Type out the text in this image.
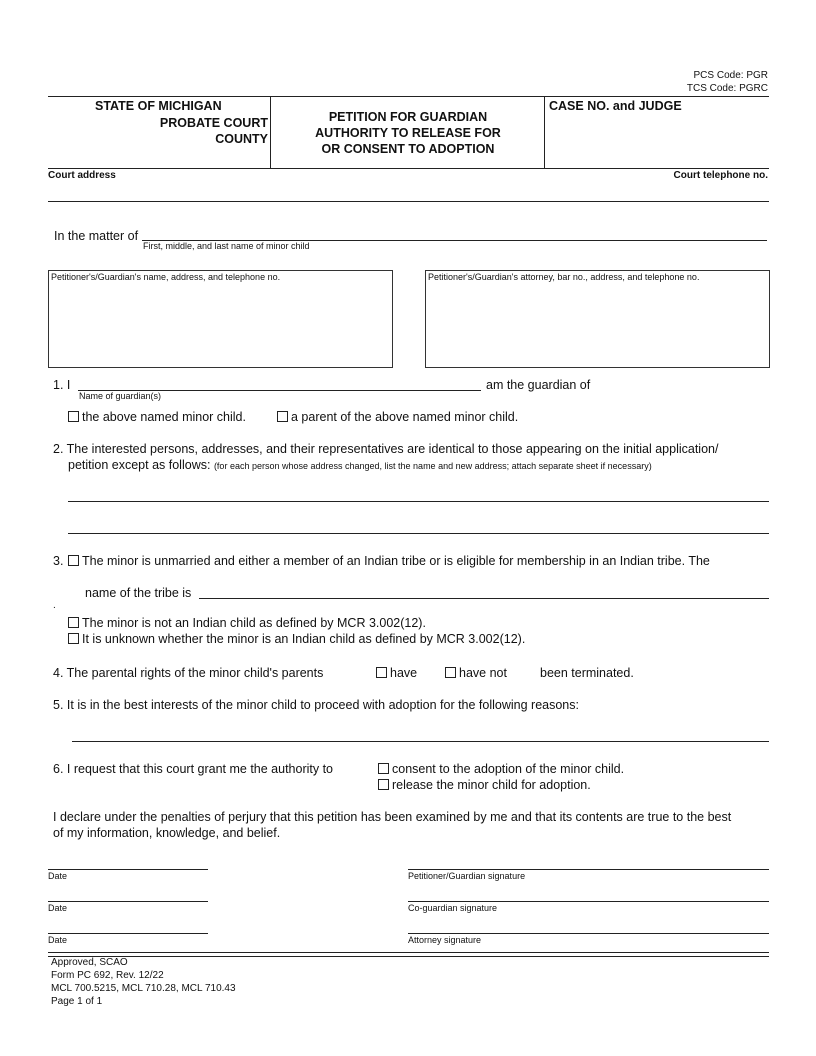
PCS Code: PGR
TCS Code: PGRC
STATE OF MICHIGAN
PROBATE COURT
COUNTY
PETITION FOR GUARDIAN
AUTHORITY TO RELEASE FOR
OR CONSENT TO ADOPTION
CASE NO. and JUDGE
Court address	Court telephone no.
In the matter of
First, middle, and last name of minor child
Petitioner's/Guardian's name, address, and telephone no.	Petitioner's/Guardian's attorney, bar no., address, and telephone no.
1. I	am the guardian of
Name of guardian(s)
the above named minor child.	a parent of the above named minor child.
2. The interested persons, addresses, and their representatives are identical to those appearing on the initial application/
petition except as follows: (for each person whose address changed, list the name and new address; attach separate sheet if necessary)
3.	The minor is unmarried and either a member of an Indian tribe or is eligible for membership in an Indian tribe. The
name of the tribe is
.
The minor is not an Indian child as defined by MCR 3.002(12).
It is unknown whether the minor is an Indian child as defined by MCR 3.002(12).
4. The parental rights of the minor child's parents	have	have not	been terminated.
5. It is in the best interests of the minor child to proceed with adoption for the following reasons:
6. I request that this court grant me the authority to	consent to the adoption of the minor child.
release the minor child for adoption.
I declare under the penalties of perjury that this petition has been examined by me and that its contents are true to the best
of my information, knowledge, and belief.
Date	Petitioner/Guardian signature
Date	Co-guardian signature
Date	Attorney signature
Approved, SCAO
Form PC 692, Rev. 12/22
MCL 700.5215, MCL 710.28, MCL 710.43
Page 1 of 1
